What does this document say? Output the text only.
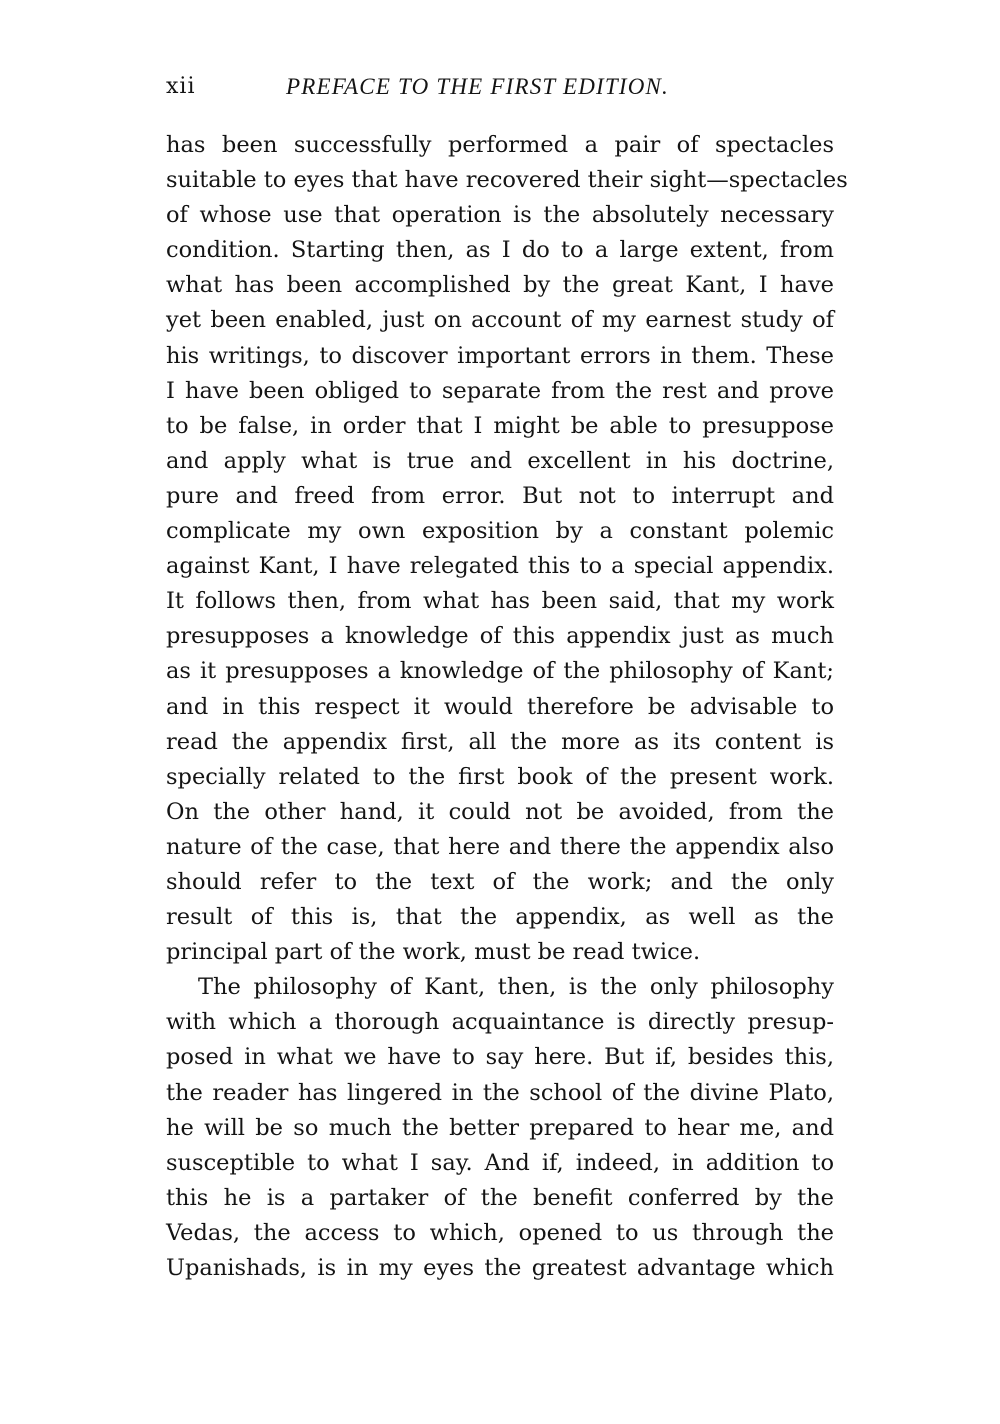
xii	PREFACE TO THE FIRST EDITION.
has been successfully performed a pair of spectacles
suitable to eyes that have recovered their sight—spectacles
of whose use that operation is the absolutely necessary
condition. Starting then, as I do to a large extent, from
what has been accomplished by the great Kant, I have
yet been enabled, just on account of my earnest study of
his writings, to discover important errors in them. These
I have been obliged to separate from the rest and prove
to be false, in order that I might be able to presuppose
and apply what is true and excellent in his doctrine,
pure and freed from error. But not to interrupt and
complicate my own exposition by a constant polemic
against Kant, I have relegated this to a special appendix.
It follows then, from what has been said, that my work
presupposes a knowledge of this appendix just as much
as it presupposes a knowledge of the philosophy of Kant;
and in this respect it would therefore be advisable to
read the appendix first, all the more as its content is
specially related to the first book of the present work.
On the other hand, it could not be avoided, from the
nature of the case, that here and there the appendix also
should refer to the text of the work; and the only
result of this is, that the appendix, as well as the
principal part of the work, must be read twice.
The philosophy of Kant, then, is the only philosophy
with which a thorough acquaintance is directly presup-
posed in what we have to say here. But if, besides this,
the reader has lingered in the school of the divine Plato,
he will be so much the better prepared to hear me, and
susceptible to what I say. And if, indeed, in addition to
this he is a partaker of the benefit conferred by the
Vedas, the access to which, opened to us through the
Upanishads, is in my eyes the greatest advantage which
